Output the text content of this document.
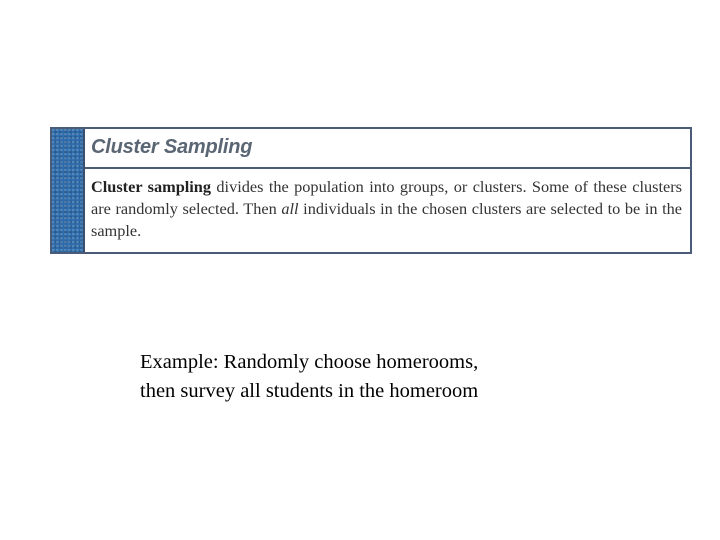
Cluster Sampling
Cluster sampling divides the population into groups, or clusters. Some of these clusters are randomly selected. Then all individuals in the chosen clusters are selected to be in the sample.
Example: Randomly choose homerooms,
then survey all students in the homeroom
